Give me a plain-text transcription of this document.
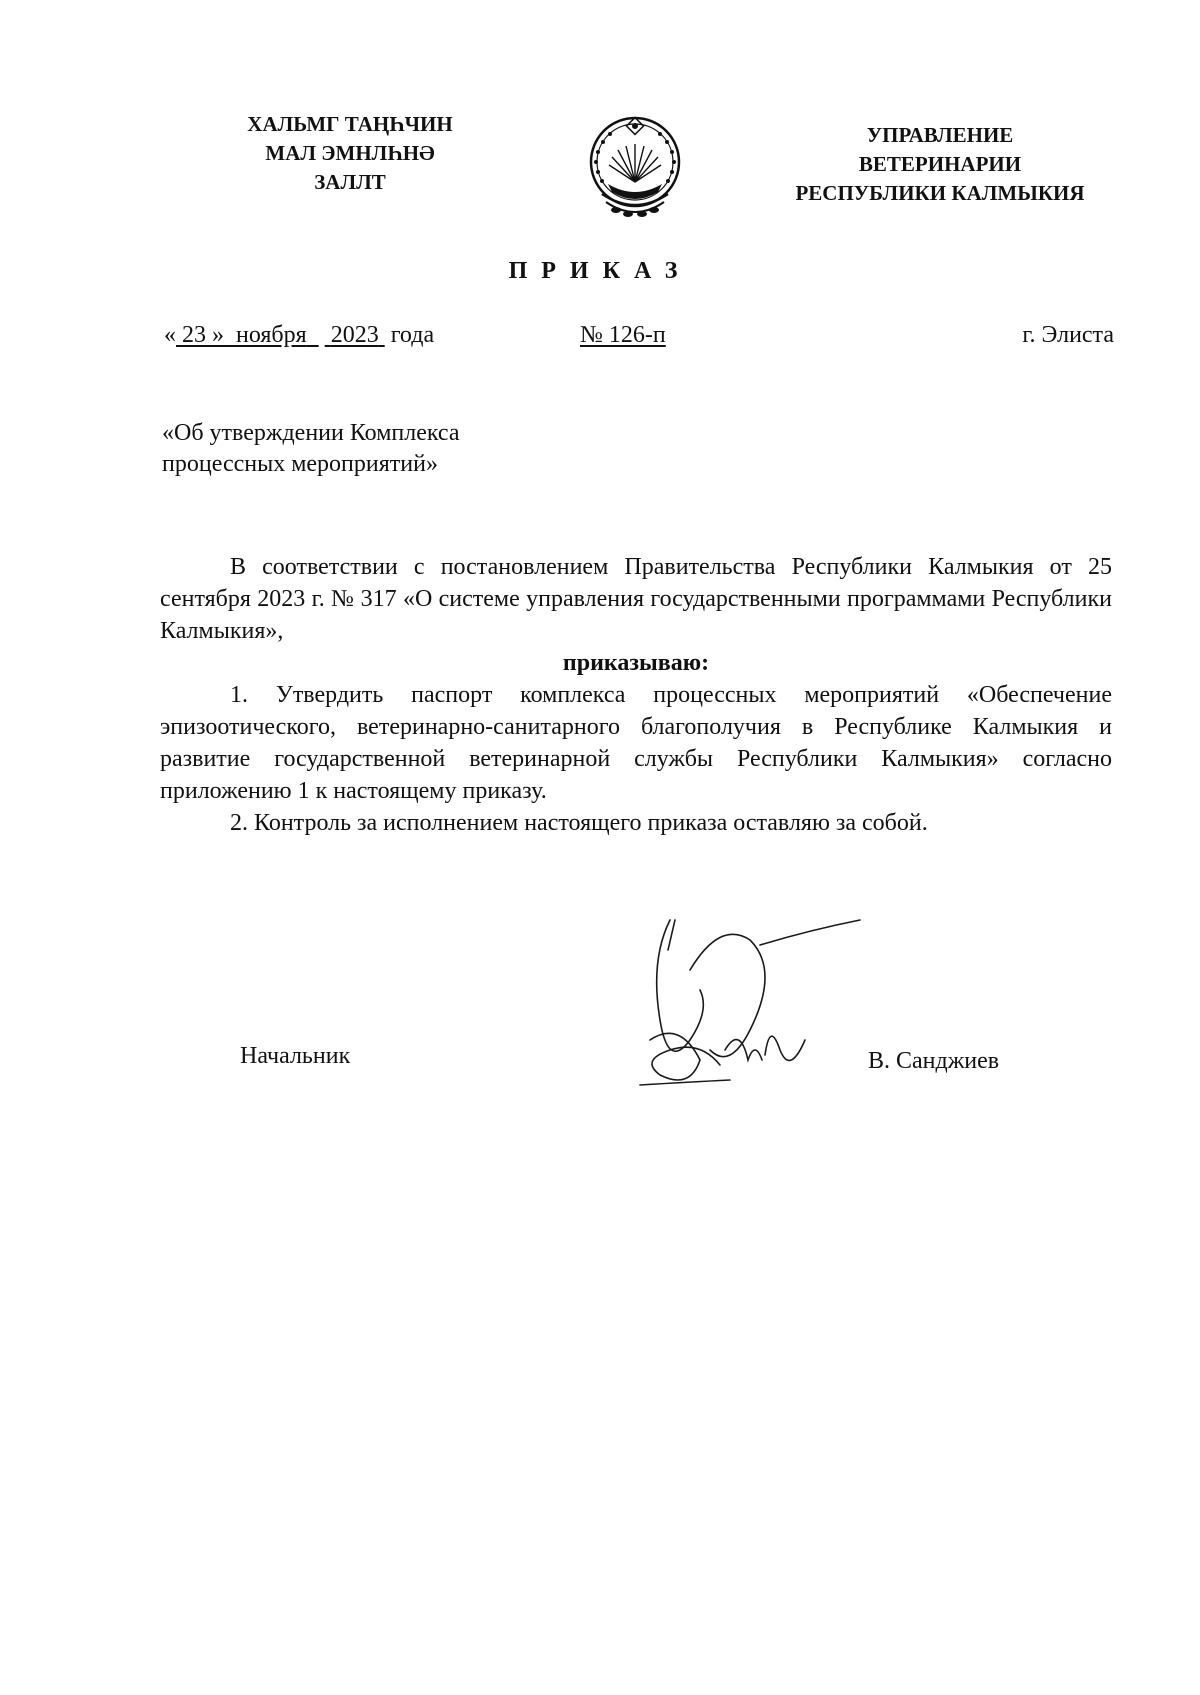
ХАЛЬМГ ТАҢҺЧИН
МАЛ ЭМНЛҺНӘ
ЗАЛЛТ
УПРАВЛЕНИЕ
ВЕТЕРИНАРИИ
РЕСПУБЛИКИ КАЛМЫКИЯ
ПРИКАЗ
« 23 » ноября 2023 года	№ 126-п	г. Элиста
«Об утверждении Комплекса
процессных мероприятий»
В соответствии с постановлением Правительства Республики Калмыкия от 25 сентября 2023 г. № 317 «О системе управления государственными программами Республики Калмыкия»,
приказываю:
1. Утвердить паспорт комплекса процессных мероприятий «Обеспечение эпизоотического, ветеринарно-санитарного благополучия в Республике Калмыкия и развитие государственной ветеринарной службы Республики Калмыкия» согласно приложению 1 к настоящему приказу.
2. Контроль за исполнением настоящего приказа оставляю за собой.
Начальник	В. Санджиев
